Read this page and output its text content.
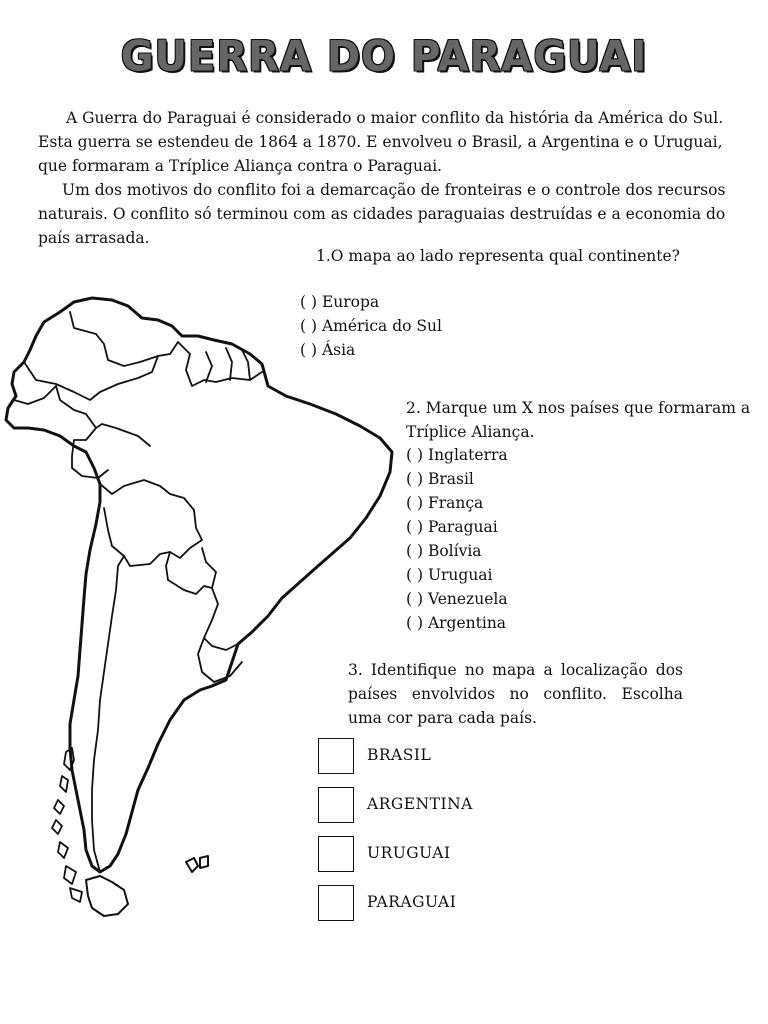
GUERRA DO PARAGUAI

A Guerra do Paraguai é considerado o maior conflito da história da América do Sul. Esta guerra se estendeu de 1864 a 1870. E envolveu o Brasil, a Argentina e o Uruguai, que formaram a Tríplice Aliança contra o Paraguai.

Um dos motivos do conflito foi a demarcação de fronteiras e o controle dos recursos naturais. O conflito só terminou com as cidades paraguaias destruídas e a economia do país arrasada.

1.O mapa ao lado representa qual continente?
( ) Europa
( ) América do Sul
( ) Ásia
2. Marque um X nos países que formaram a Tríplice Aliança.
( ) Inglaterra
( ) Brasil
( ) França
( ) Paraguai
( ) Bolívia
( ) Uruguai
( ) Venezuela
( ) Argentina
3. Identifique no mapa a localização dos países envolvidos no conflito. Escolha uma cor para cada país.
BRASIL
ARGENTINA
URUGUAI
PARAGUAI
